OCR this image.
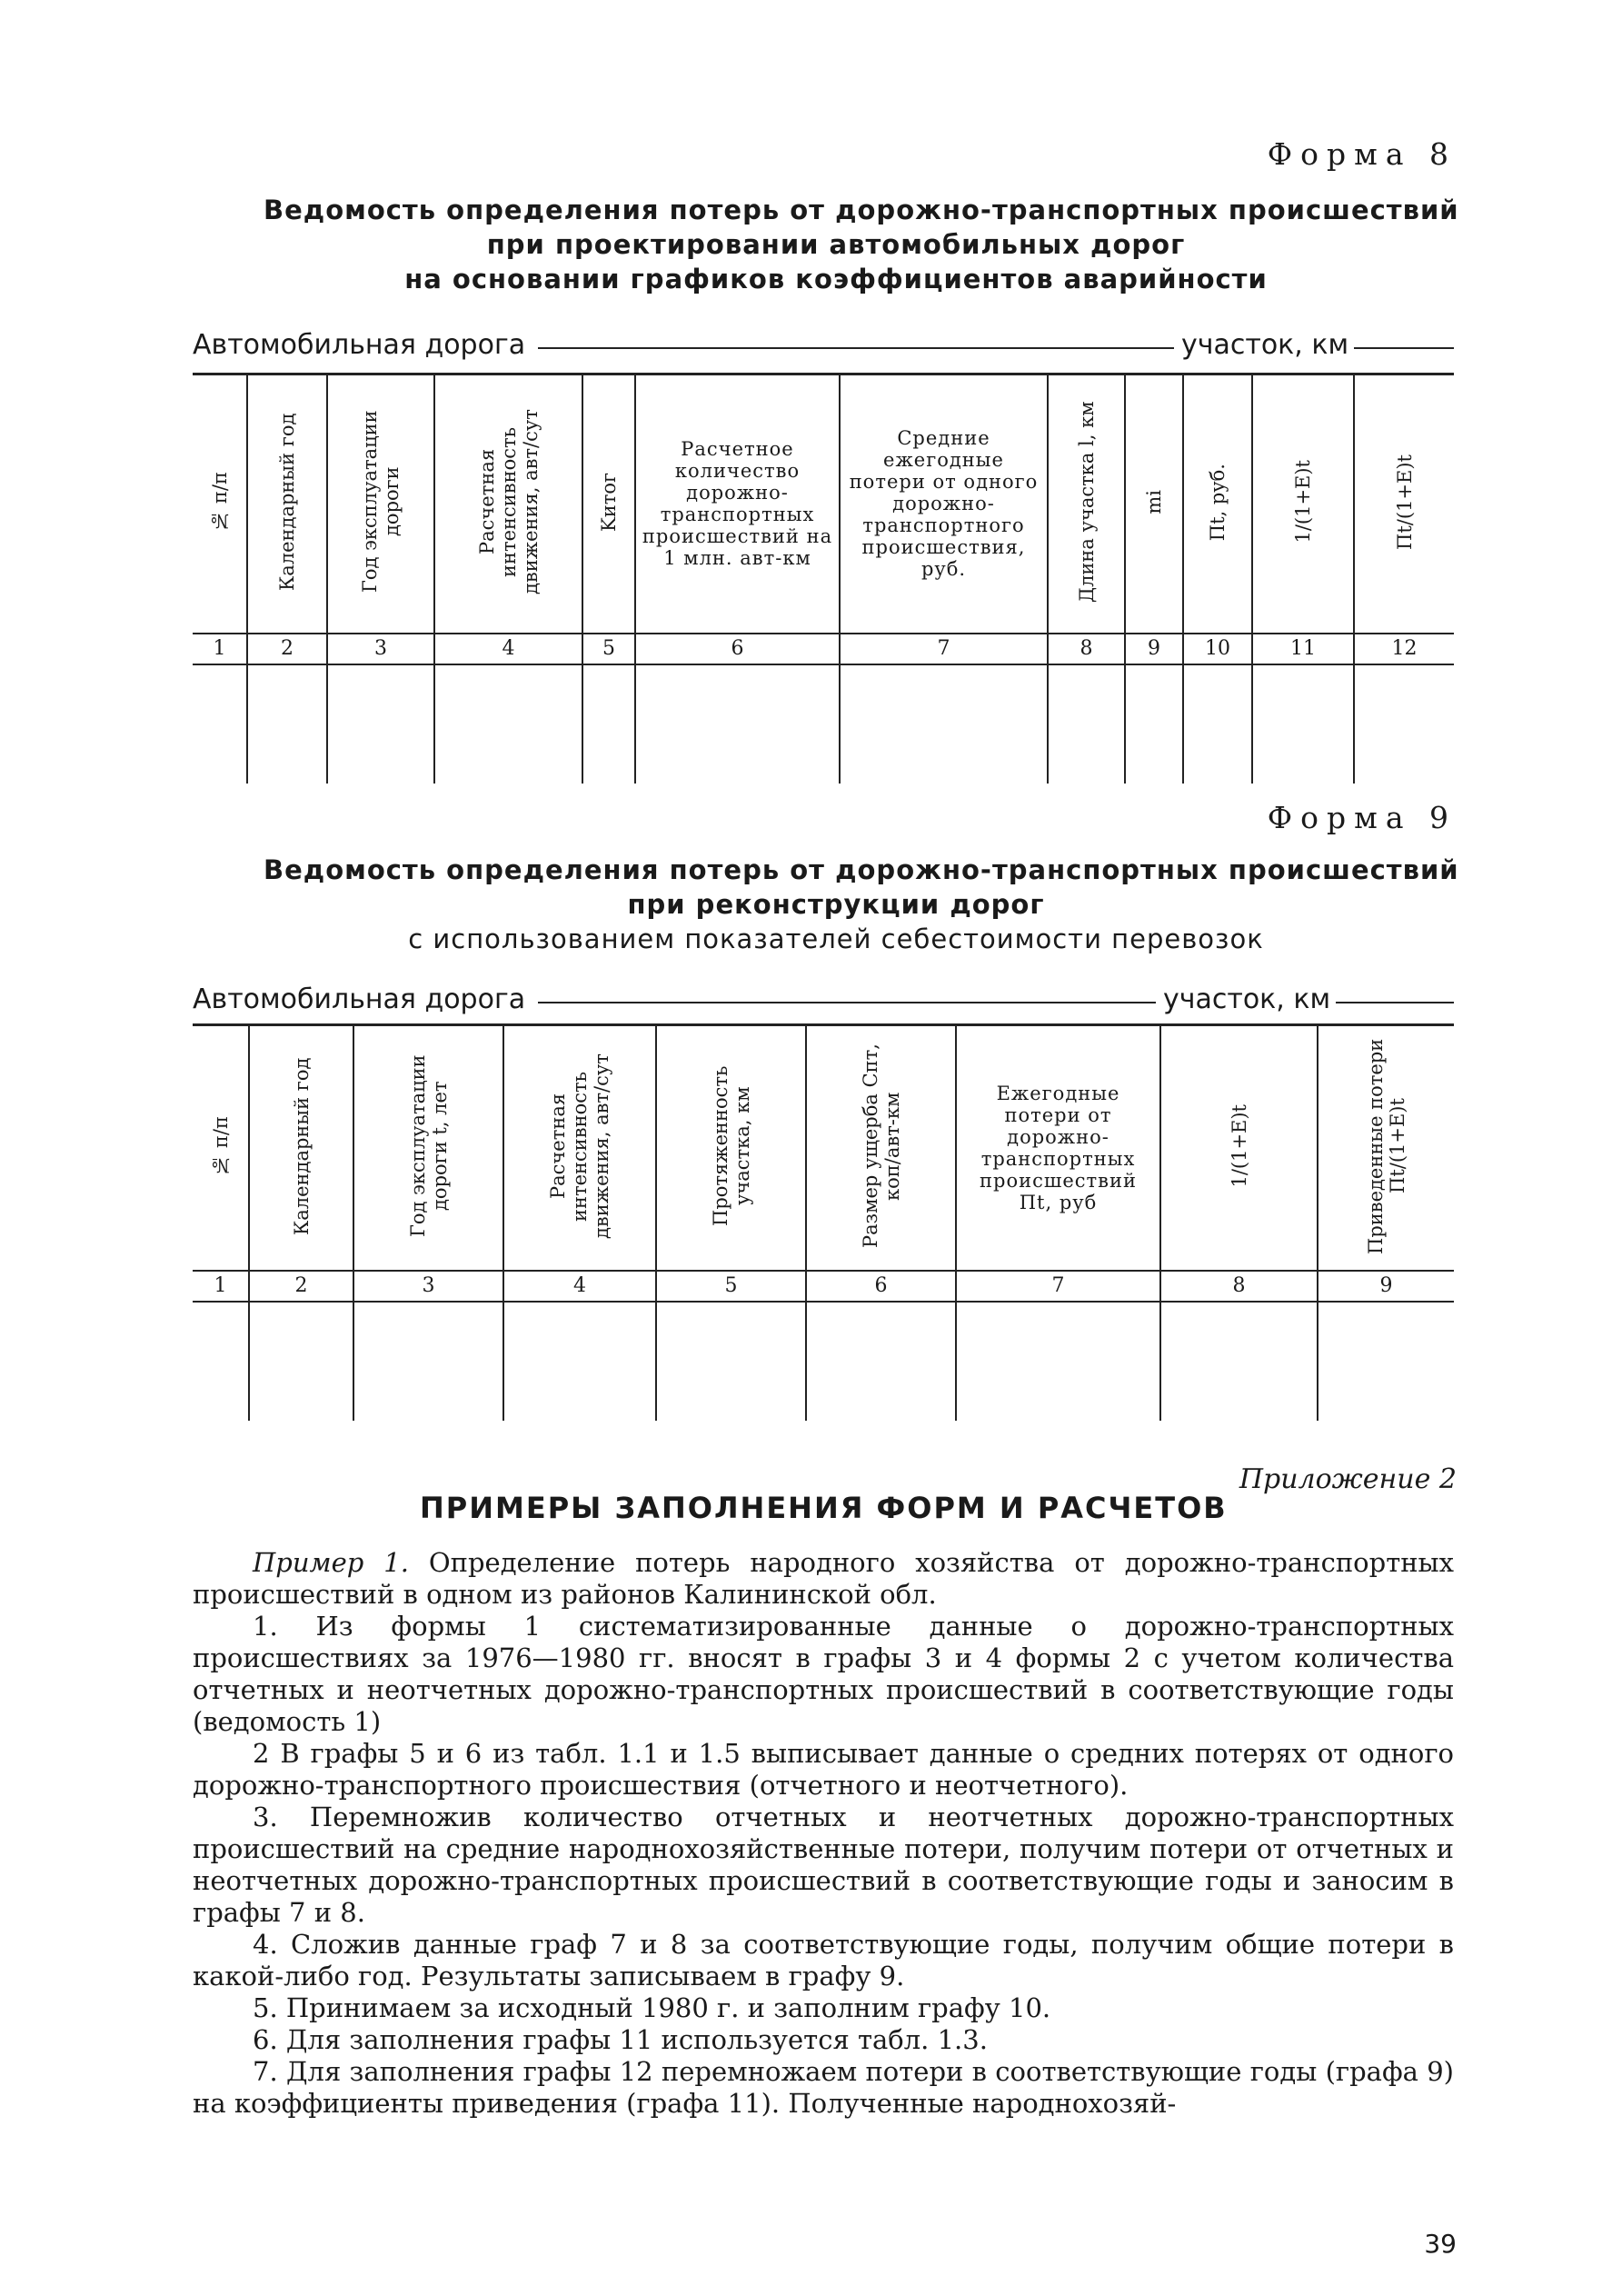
Форма 8
Ведомость определения потерь от дорожно-транспортных происшествий
при проектировании автомобильных дорог
на основании графиков коэффициентов аварийности
Автомобильная дорога	участок, км
№ п/п	Календарный год	Год эксплуатации дороги	Расчетная интенсивность движения, авт/сут	Kитог	Расчетное количество дорожно-транспортных происшествий на 1 млн. авт-км	Средние ежегодные потери от одного дорожно-транспортного происшествия, руб.	Длина участка l, км	mi	Пt, руб.	1/(1+E)t	Пt/(1+E)t
1	2	3	4	5	6	7	8	9	10	11	12

Форма 9
Ведомость определения потерь от дорожно-транспортных происшествий
при реконструкции дорог
с использованием показателей себестоимости перевозок
Автомобильная дорога	участок, км
№ п/п	Календарный год	Год эксплуатации дороги t, лет	Расчетная интенсивность движения, авт/сут	Протяженность участка, км	Размер ущерба Спт, коп/авт-км	Ежегодные потери от дорожно-транспортных происшествий Пt, руб	1/(1+E)t	Приведенные потери Пt/(1+E)t
1	2	3	4	5	6	7	8	9

Приложение 2
ПРИМЕРЫ ЗАПОЛНЕНИЯ ФОРМ И РАСЧЕТОВ

Пример 1. Определение потерь народного хозяйства от дорожно-транспортных происшествий в одном из районов Калининской обл.

1. Из формы 1 систематизированные данные о дорожно-транспортных происшествиях за 1976—1980 гг. вносят в графы 3 и 4 формы 2 с учетом количества отчетных и неотчетных дорожно-транспортных происшествий в соответствующие годы (ведомость 1)

2 В графы 5 и 6 из табл. 1.1 и 1.5 выписывает данные о средних потерях от одного дорожно-транспортного происшествия (отчетного и неотчетного).

3. Перемножив количество отчетных и неотчетных дорожно-транспортных происшествий на средние народнохозяйственные потери, получим потери от отчетных и неотчетных дорожно-транспортных происшествий в соответствующие годы и заносим в графы 7 и 8.

4. Сложив данные граф 7 и 8 за соответствующие годы, получим общие потери в какой-либо год. Результаты записываем в графу 9.

5. Принимаем за исходный 1980 г. и заполним графу 10.

6. Для заполнения графы 11 используется табл. 1.3.

7. Для заполнения графы 12 перемножаем потери в соответствующие годы (графа 9) на коэффициенты приведения (графа 11). Полученные народнохозяй-

39
